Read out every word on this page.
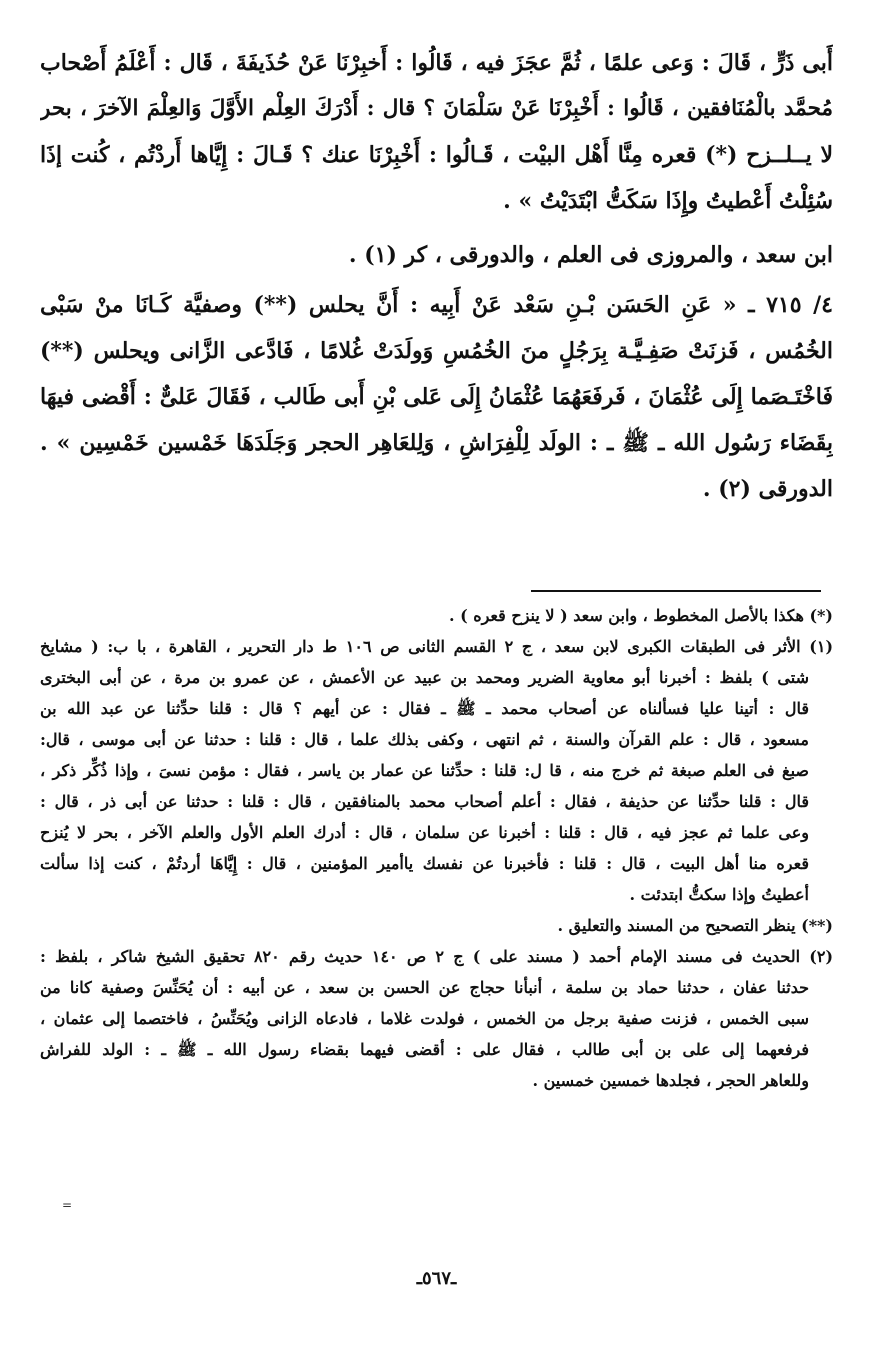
أَبى ذَرٍّ ، قَالَ : وَعى علمًا ، ثُمَّ عجَزَ فيه ، قَالُوا : أَخبِرْنَا عَنْ حُذَيفَةَ ، قَال : أَعْلَمُ أَصْحاب
مُحمَّد بالْمُنَافقين ، قَالُوا : أَخْبِرْنَا عَنْ سَلْمَانَ ؟ قال : أَدْرَكَ العِلْم الأَوَّلَ وَالعِلْمَ الآخرَ ، بحر
لا يــلــزح (*) قعره مِنَّا أَهْل البيْت ، قَـالُوا : أَخْبِرْنَا عنك ؟ قَـالَ : إِيَّاها أَردْتُم ، كُنت إذَا
سُئِلْتُ أَعْطيتُ وإِذَا سَكَتُّ ابْتَدَيْتُ » .
ابن سعد ، والمروزى فى العلم ، والدورقى ، كر (١) .
٤/ ٧١٥ ـ « عَنِ الحَسَن بْـنِ سَعْد عَنْ أَبِيه : أَنَّ يحلس (**) وصفيَّة كَـانَا منْ سَبْى
الخُمُس ، فَزنَتْ صَفِـيَّـة بِرَجُلٍ منَ الخُمُسِ وَولَدَتْ غُلامًا ، فَادَّعى الزَّانى ويحلس (**)
فَاخْتَـصَما إِلَى عُثْمَانَ ، فَرفَعَهُمَا عُثْمَانُ إِلَى عَلى بْنِ أَبى طَالب ، فَقَالَ عَلىٌّ : أَقْضى فيهَا
بِقَضَاء رَسُول الله ـ ﷺ ـ : الولَد لِلْفِرَاشِ ، وَلِلعَاهِر الحجر وَجَلَدَهَا خَمْسين خَمْسِين » .
الدورقى (٢) .
(*) هكذا بالأصل المخطوط ، وابن سعد ( لا ينزح قعره ) .
(١) الأثر فى الطبقات الكبرى لابن سعد ، ج ٢ القسم الثانى ص ١٠٦ ط دار التحرير ، القاهرة ، با ب: ( مشايخ
شتى ) بلفظ : أخبرنا أبو معاوية الضرير ومحمد بن عبيد عن الأعمش ، عن عمرو بن مرة ، عن أبى البخترى
قال : أتينا عليا فسألناه عن أصحاب محمد ـ ﷺ ـ فقال : عن أيهم ؟ قال : قلنا حدِّثنا عن عبد الله بن
مسعود ، قال : علم القرآن والسنة ، ثم انتهى ، وكفى بذلك علما ، قال : قلنا : حدثنا عن أبى موسى ، قال:
صبغ فى العلم صبغة ثم خرج منه ، قا ل: قلنا : حدِّثنا عن عمار بن ياسر ، فقال : مؤمن نسىَ ، وإذا ذُكِّر ذكر ،
قال : قلنا حدِّثنا عن حذيفة ، فقال : أعلم أصحاب محمد بالمنافقين ، قال : قلنا : حدثنا عن أبى ذر ، قال :
وعى علما ثم عجز فيه ، قال : قلنا : أخبرنا عن سلمان ، قال : أدرك العلم الأول والعلم الآخر ، بحر لا يُنزح
قعره منا أهل البيت ، قال : قلنا : فأخبرنا عن نفسك ياأمير المؤمنين ، قال : إِيَّاهَا أردتُمْ ، كنت إذا سألت
أعطيتُ وإذا سكتُّ ابتدئت .
(**) ينظر التصحيح من المسند والتعليق .
(٢) الحديث فى مسند الإمام أحمد ( مسند على ) ج ٢ ص ١٤٠ حديث رقم ٨٢٠ تحقيق الشيخ شاكر ، بلفظ :
حدثنا عفان ، حدثنا حماد بن سلمة ، أنبأنا حجاج عن الحسن بن سعد ، عن أبيه : أن يُحَنِّسَ وصفية كانا من
سبى الخمس ، فزنت صفية برجل من الخمس ، فولدت غلاما ، فادعاه الزانى ويُحَنِّسُ ، فاختصما إلى عثمان ،
فرفعهما إلى على بن أبى طالب ، فقال على : أقضى فيهما بقضاء رسول الله ـ ﷺ ـ : الولد للفراش
وللعاهر الحجر ، فجلدها خمسين خمسين .
=
ـ٥٦٧ـ
